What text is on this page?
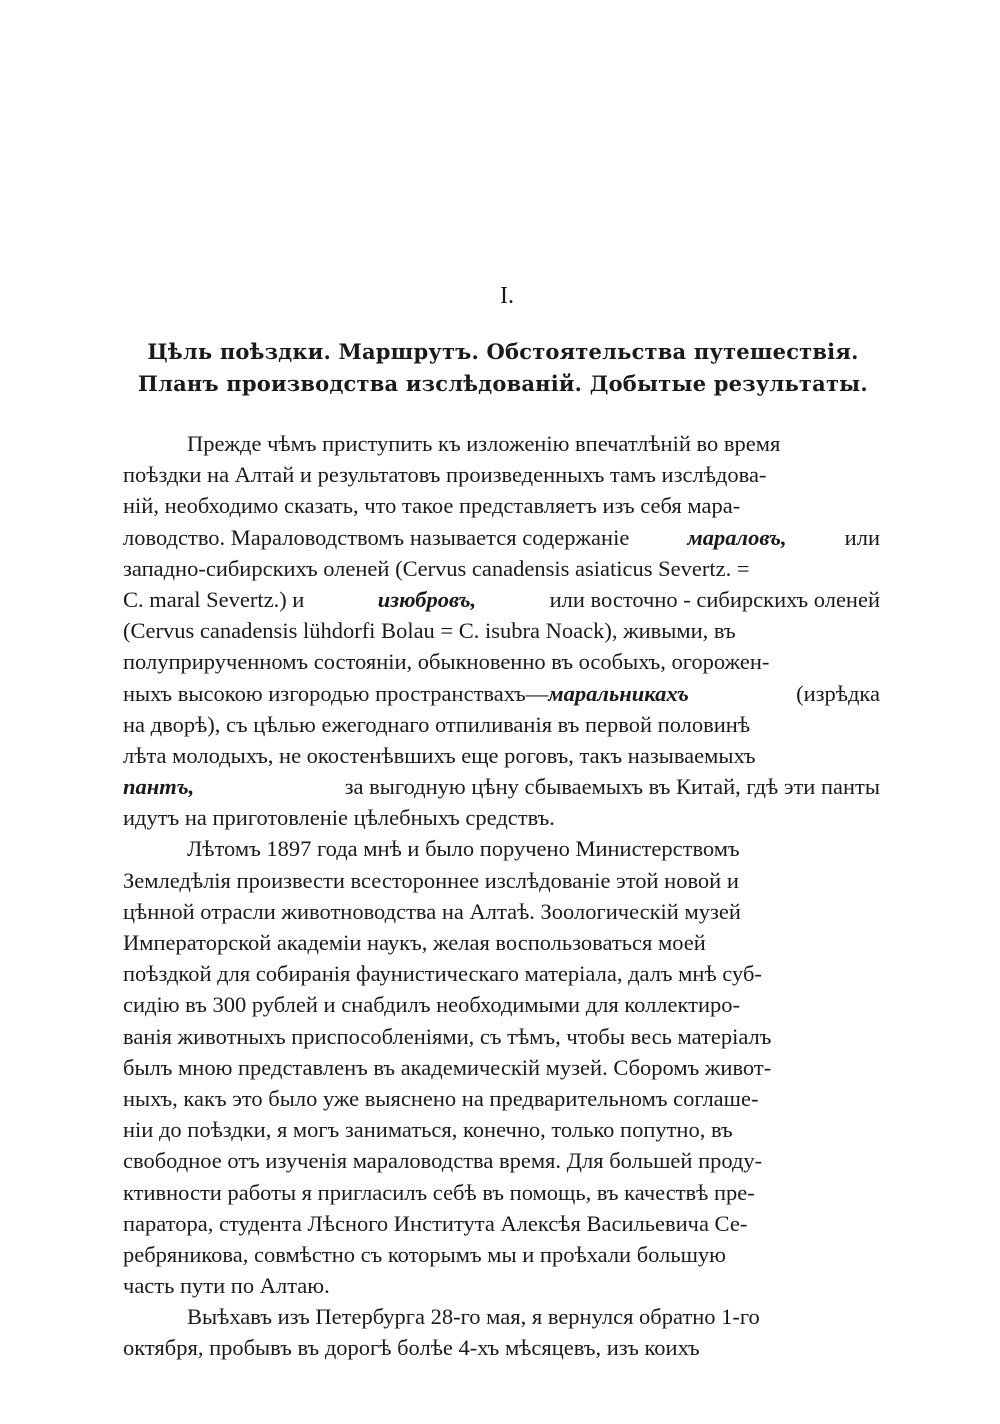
I.
Цѣль поѣздки. Маршрутъ. Обстоятельства путешествія.
Планъ производства изслѣдованій. Добытые результаты.
Прежде чѣмъ приступить къ изложенію впечатлѣній во время
поѣздки на Алтай и результатовъ произведенныхъ тамъ изслѣдова-
ній, необходимо сказать, что такое представляетъ изъ себя мара-
ловодство. Мараловодствомъ называется содержаніе	мараловъ,	или
западно-сибирскихъ оленей (Cervus canadensis asiaticus Severtz. =
C. maral Severtz.) и	изюбровъ,	или восточно - сибирскихъ оленей
(Cervus canadensis lühdorfi Bolau = C. isubra Noack), живыми, въ
полуприрученномъ состояніи, обыкновенно въ особыхъ, огорожен-
ныхъ высокою изгородью пространствахъ—маральникахъ	(изрѣдка
на дворѣ), съ цѣлью ежегоднаго отпиливанія въ первой половинѣ
лѣта молодыхъ, не окостенѣвшихъ еще роговъ, такъ называемыхъ
пантъ,	за выгодную цѣну сбываемыхъ въ Китай, гдѣ эти панты
идутъ на приготовленіе цѣлебныхъ средствъ.
Лѣтомъ 1897 года мнѣ и было поручено Министерствомъ
Земледѣлія произвести всестороннее изслѣдованіе этой новой и
цѣнной отрасли животноводства на Алтаѣ. Зоологическій музей
Императорской академіи наукъ, желая воспользоваться моей
поѣздкой для собиранія фаунистическаго матеріала, далъ мнѣ суб-
сидію въ 300 рублей и снабдилъ необходимыми для коллектиро-
ванія животныхъ приспособленіями, съ тѣмъ, чтобы весь матеріалъ
былъ мною представленъ въ академическій музей. Сборомъ живот-
ныхъ, какъ это было уже выяснено на предварительномъ соглаше-
ніи до поѣздки, я могъ заниматься, конечно, только попутно, въ
свободное отъ изученія мараловодства время. Для большей проду-
ктивности работы я пригласилъ себѣ въ помощь, въ качествѣ пре-
паратора, студента Лѣсного Института Алексѣя Васильевича Се-
ребряникова, совмѣстно съ которымъ мы и проѣхали большую
часть пути по Алтаю.
Выѣхавъ изъ Петербурга 28-го мая, я вернулся обратно 1-го
октября, пробывъ въ дорогѣ болѣе 4-хъ мѣсяцевъ, изъ коихъ
